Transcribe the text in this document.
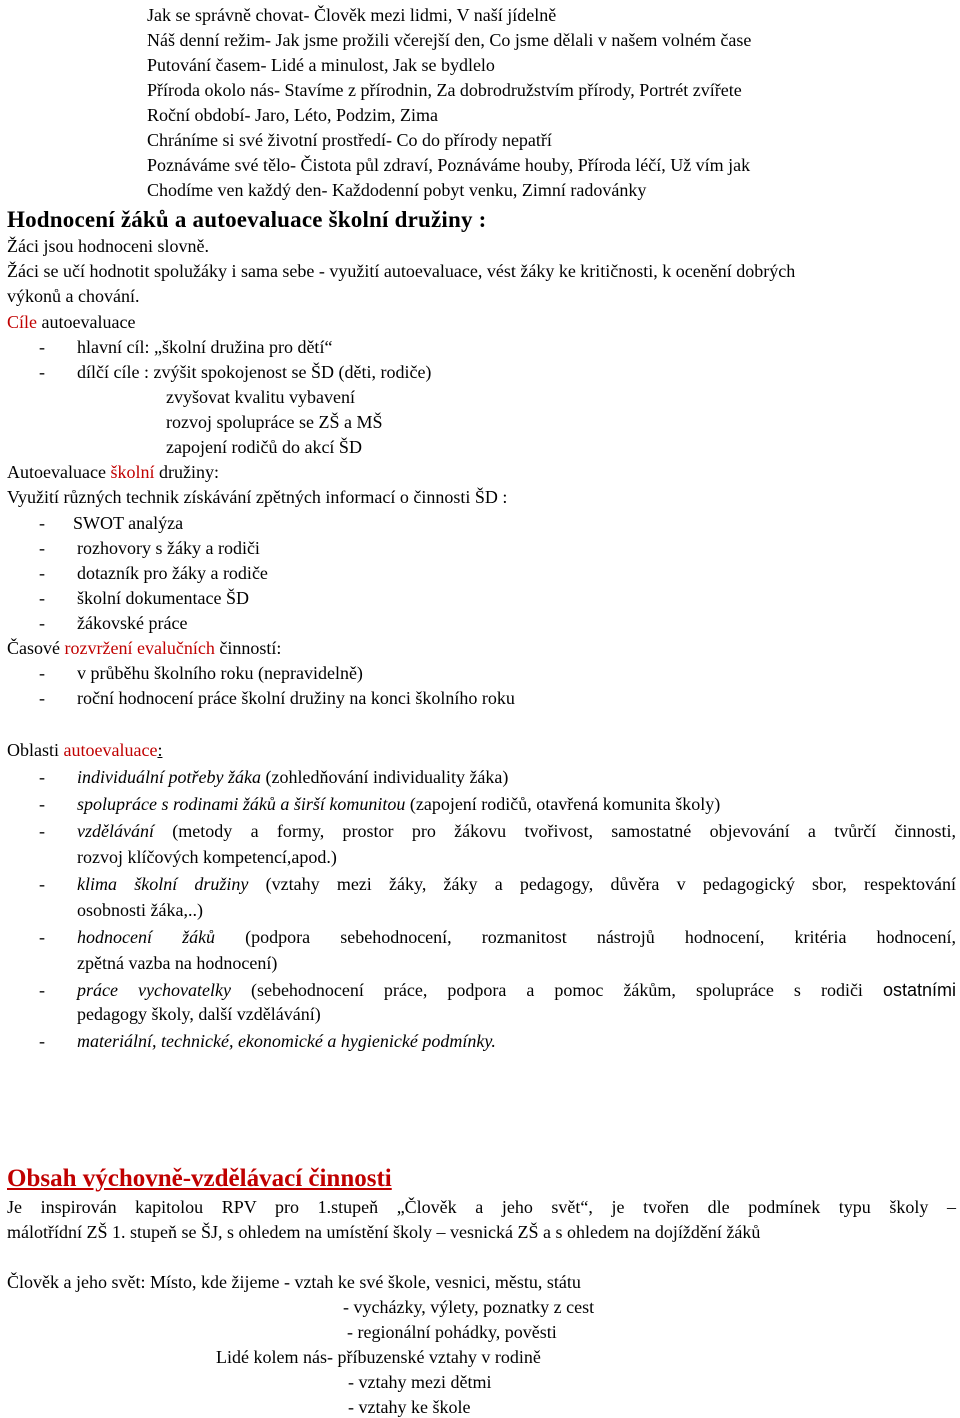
Jak se správně chovat- Člověk mezi lidmi, V naší jídelně
Náš denní režim- Jak jsme prožili včerejší den, Co jsme dělali v našem volném čase
Putování časem- Lidé a minulost, Jak se bydlelo
Příroda okolo nás- Stavíme z přírodnin, Za dobrodružstvím přírody, Portrét zvířete
Roční období- Jaro, Léto, Podzim, Zima
Chráníme si své životní prostředí- Co do přírody nepatří
Poznáváme své tělo- Čistota půl zdraví, Poznáváme houby, Příroda léčí, Už vím jak
Chodíme ven každý den- Každodenní pobyt venku, Zimní radovánky
Hodnocení žáků a autoevaluace školní družiny :
Žáci jsou hodnoceni slovně.
Žáci se učí hodnotit spolužáky i sama sebe - využití autoevaluace, vést žáky ke kritičnosti, k ocenění dobrých
výkonů a chování.
Cíle autoevaluace
- hlavní cíl: „školní družina pro dětí“
- dílčí cíle : zvýšit spokojenost se ŠD (děti, rodiče)
zvyšovat kvalitu vybavení
rozvoj spolupráce se ZŠ a MŠ
zapojení rodičů do akcí ŠD
Autoevaluace školní družiny:
Využití různých technik získávání zpětných informací o činnosti ŠD :
- SWOT analýza
- rozhovory s žáky a rodiči
- dotazník pro žáky a rodiče
- školní dokumentace ŠD
- žákovské práce
Časové rozvržení evalučních činností:
- v průběhu školního roku (nepravidelně)
- roční hodnocení práce školní družiny na konci školního roku
Oblasti autoevaluace:
- individuální potřeby žáka (zohledňování individuality žáka)
- spolupráce s rodinami žáků a širší komunitou (zapojení rodičů, otavřená komunita školy)
- vzdělávání (metody a formy, prostor pro žákovu tvořivost, samostatné objevování a tvůrčí činnosti,
rozvoj klíčových kompetencí,apod.)
- klima školní družiny (vztahy mezi žáky, žáky a pedagogy, důvěra v pedagogický sbor, respektování
osobnosti žáka,..)
- hodnocení žáků (podpora sebehodnocení, rozmanitost nástrojů hodnocení, kritéria hodnocení,
zpětná vazba na hodnocení)
- práce vychovatelky (sebehodnocení práce, podpora a pomoc žákům, spolupráce s rodiči ostatními
pedagogy školy, další vzdělávání)
- materiální, technické, ekonomické a hygienické podmínky.
Obsah výchovně-vzdělávací činnosti
Je inspirován kapitolou RPV pro 1.stupeň „Člověk a jeho svět“, je tvořen dle podmínek typu školy –
málotřídní ZŠ 1. stupeň se ŠJ, s ohledem na umístění školy – vesnická ZŠ a s ohledem na dojíždění žáků
Člověk a jeho svět: Místo, kde žijeme - vztah ke své škole, vesnici, městu, státu
- vycházky, výlety, poznatky z cest
- regionální pohádky, pověsti
Lidé kolem nás- příbuzenské vztahy v rodině
- vztahy mezi dětmi
- vztahy ke škole
